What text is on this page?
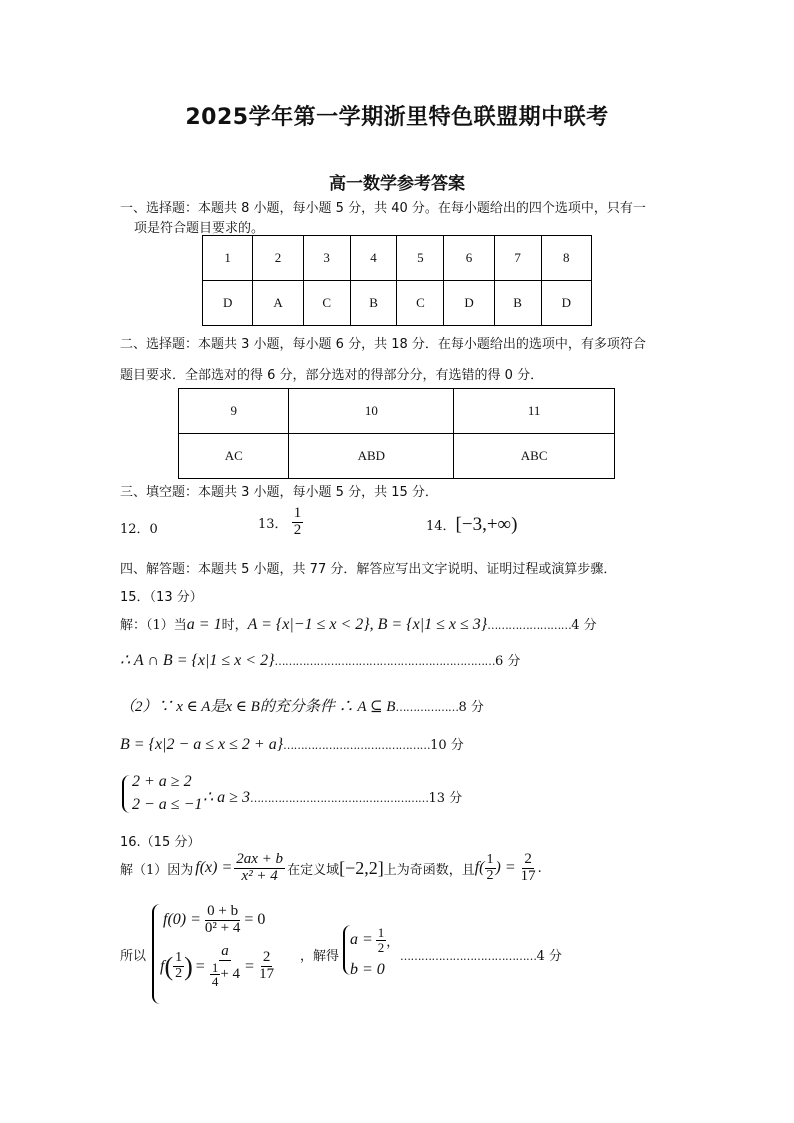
2025学年第一学期浙里特色联盟期中联考
高一数学参考答案
一、选择题：本题共 8 小题，每小题 5 分，共 40 分。在每小题给出的四个选项中，只有一
项是符合题目要求的。
1	2	3	4	5	6	7	8
D	A	C	B	C	D	B	D
二、选择题：本题共 3 小题，每小题 6 分，共 18 分．在每小题给出的选项中，有多项符合
题目要求．全部选对的得 6 分，部分选对的得部分分，有选错的得 0 分．
9	10	11
AC	ABD	ABC
三、填空题：本题共 3 小题，每小题 5 分，共 15 分．
12．0	13． $\frac{1}{2}$	14．[−3,+∞)
四、解答题：本题共 5 小题，共 77 分．解答应写出文字说明、证明过程或演算步骤．
15．（13 分）
解：（1）当a = 1时，A = {x|−1 ≤ x < 2}, B = {x|1 ≤ x ≤ 3}……………………4 分
∴ A ∩ B = {x|1 ≤ x < 2}………………………………………………………6 分
（2）∵ x ∈ A是x ∈ B的充分条件 ∴ A ⊆ B………………8 分
B = {x|2 − a ≤ x ≤ 2 + a}……………………………………10 分
2 + a ≥ 2
2 − a ≤ −1 ∴ a ≥ 3……………………………………………13 分
16.（15 分）
解（1）因为 $f(x) = \frac{2ax + b}{\text{x² + 4}}$ 在定义域 [−2,2] 上为奇函数，且 $f( \frac{1}{2}$ ) = $\frac{2}{17}$ .
所以
$f(0) = \frac{0 + b}{\text{0² + 4}} = 0$
f ( $\frac{1}{2}$ ) = $\frac{a}{\frac{1}{4} + 4} = \frac{2}{17}$ ，解得
$a = \frac{1}{2}$ ，
b = 0
…………………………………4 分
